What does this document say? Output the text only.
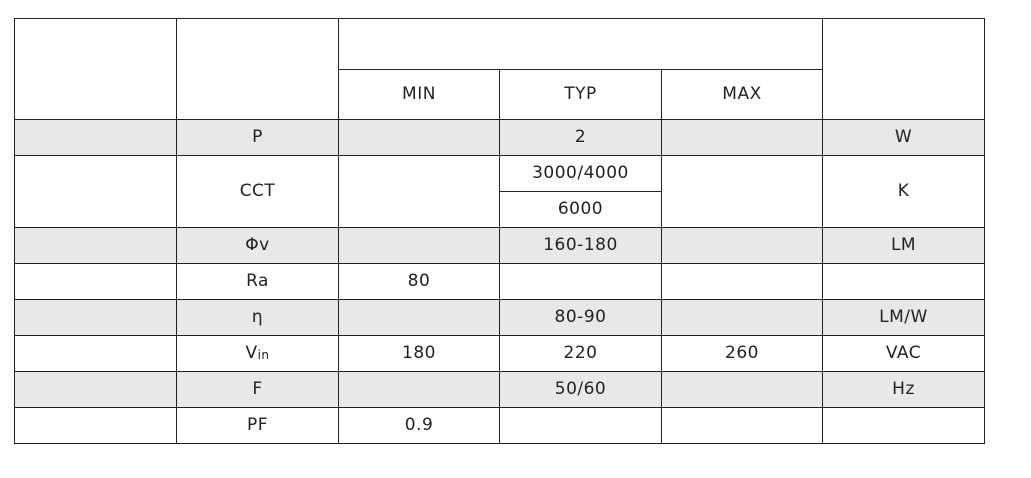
		MIN	TYP	MAX	
	P		2		W
	CCT		3000/4000		K
			6000		
	Φv		160-180		LM
	Ra	80			
	η		80-90		LM/W
	$V_{in}$	180	220	260	VAC
	F		50/60		Hz
	PF	0.9			
